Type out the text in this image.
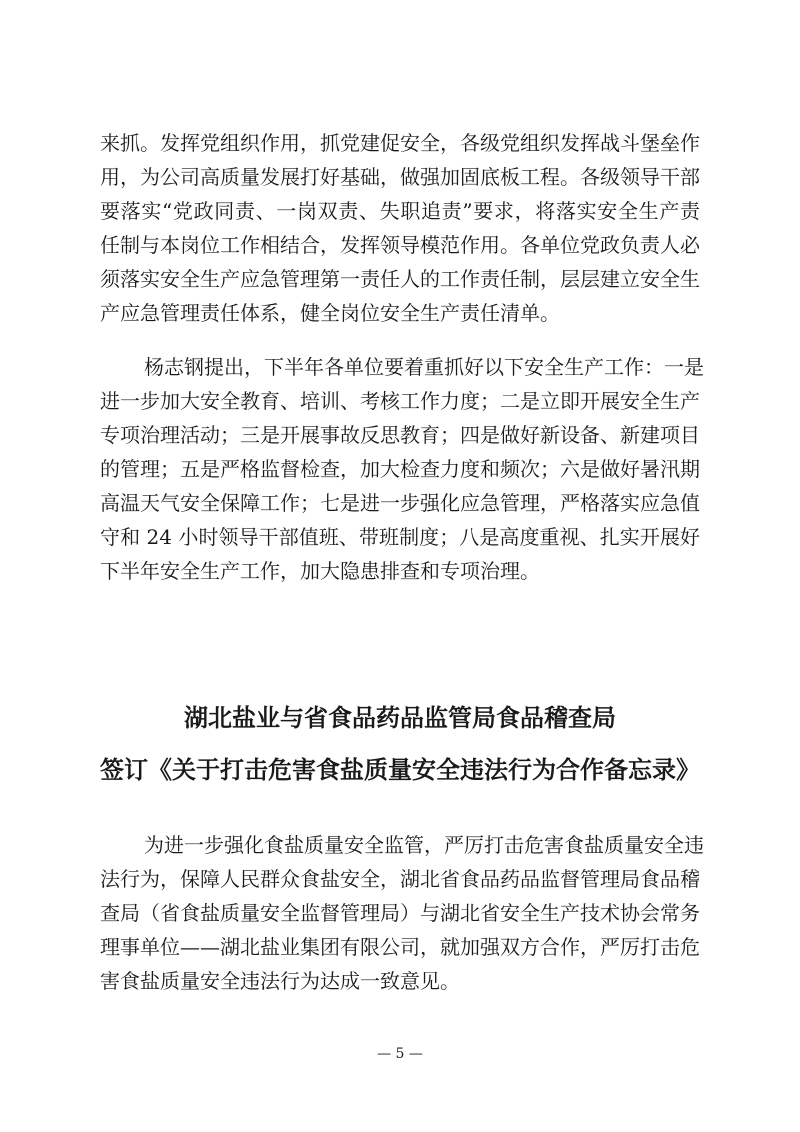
来抓。发挥党组织作用，抓党建促安全，各级党组织发挥战斗堡垒作
用，为公司高质量发展打好基础，做强加固底板工程。各级领导干部
要落实“党政同责、一岗双责、失职追责”要求，将落实安全生产责
任制与本岗位工作相结合，发挥领导模范作用。各单位党政负责人必
须落实安全生产应急管理第一责任人的工作责任制，层层建立安全生
产应急管理责任体系，健全岗位安全生产责任清单。
杨志钢提出，下半年各单位要着重抓好以下安全生产工作：一是
进一步加大安全教育、培训、考核工作力度；二是立即开展安全生产
专项治理活动；三是开展事故反思教育；四是做好新设备、新建项目
的管理；五是严格监督检查，加大检查力度和频次；六是做好暑汛期
高温天气安全保障工作；七是进一步强化应急管理，严格落实应急值
守和 24 小时领导干部值班、带班制度；八是高度重视、扎实开展好
下半年安全生产工作，加大隐患排查和专项治理。
湖北盐业与省食品药品监管局食品稽查局
签订《关于打击危害食盐质量安全违法行为合作备忘录》
为进一步强化食盐质量安全监管，严厉打击危害食盐质量安全违
法行为，保障人民群众食盐安全，湖北省食品药品监督管理局食品稽
查局（省食盐质量安全监督管理局）与湖北省安全生产技术协会常务
理事单位——湖北盐业集团有限公司，就加强双方合作，严厉打击危
害食盐质量安全违法行为达成一致意见。
— 5 —
